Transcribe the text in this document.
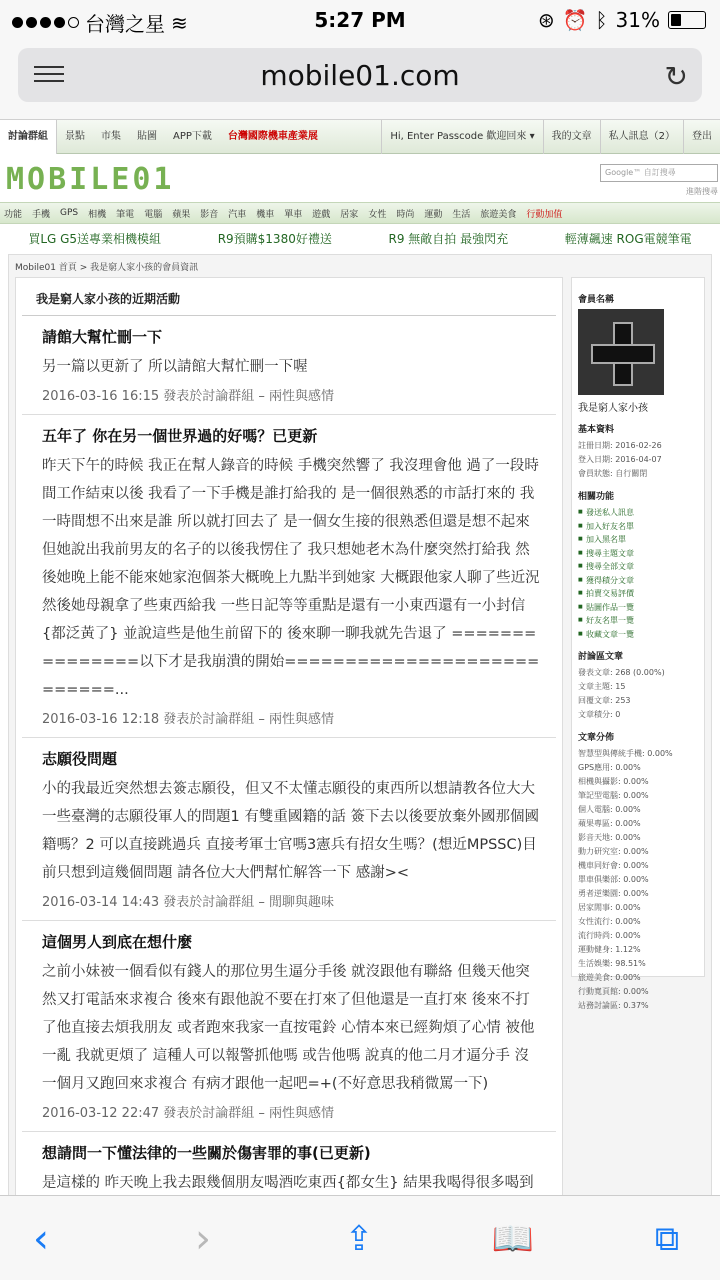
台灣之星 ≋	5:27 PM	⊛ ⏰ ᛒ 31%
mobile01.com	↻
討論群組	景點	市集	貼圖	APP下載	台灣國際機車產業展	Hi, Enter Passcode 歡迎回來 ▾	我的文章	私人訊息（2）	登出
MOBILE01	Google™ 自訂搜尋
進階搜尋
功能 手機 GPS 相機 筆電 電腦 蘋果 影音 汽車 機車 單車 遊戲 居家 女性 時尚 運動 生活 旅遊美食 行動加值
買LG G5送專業相機模組	R9預購$1380好禮送	R9 無敵自拍 最強閃充	輕薄飆速 ROG電競筆電
Mobile01 首頁 > 我是窮人家小孩的會員資訊
我是窮人家小孩的近期活動
請館大幫忙刪一下
另一篇以更新了 所以請館大幫忙刪一下喔
2016-03-16 16:15 發表於討論群組 – 兩性與感情
五年了 你在另一個世界過的好嗎？已更新
昨天下午的時候 我正在幫人錄音的時候 手機突然響了 我沒理會他 過了一段時間工作結束以後 我看了一下手機是誰打給我的 是一個很熟悉的市話打來的 我一時間想不出來是誰 所以就打回去了 是一個女生接的很熟悉但還是想不起來 但她說出我前男友的名子的以後我愣住了 我只想她老木為什麼突然打給我 然後她晚上能不能來她家泡個茶大概晚上九點半到她家 大概跟他家人聊了些近況 然後她母親拿了些東西給我 一些日記等等重點是還有一小東西還有一小封信{都泛黃了} 並說這些是他生前留下的 後來聊一聊我就先告退了 ===============以下才是我崩潰的開始===========================...
2016-03-16 12:18 發表於討論群組 – 兩性與感情
志願役問題
小的我最近突然想去簽志願役，但又不太懂志願役的東西所以想請教各位大大一些臺灣的志願役軍人的問題1 有雙重國籍的話 簽下去以後要放棄外國那個國籍嗎？2 可以直接跳過兵 直接考軍士官嗎3憲兵有招女生嗎？(想近MPSSC)目前只想到這幾個問題 請各位大大們幫忙解答一下 感謝><
2016-03-14 14:43 發表於討論群組 – 閒聊與趣味
這個男人到底在想什麼
之前小妹被一個看似有錢人的那位男生逼分手後 就沒跟他有聯絡 但幾天他突然又打電話來求複合 後來有跟他說不要在打來了但他還是一直打來 後來不打了他直接去煩我朋友 或者跑來我家一直按電鈴 心情本來已經夠煩了心情 被他一亂 我就更煩了 這種人可以報警抓他嗎 或告他嗎 說真的他二月才逼分手 沒一個月又跑回來求複合 有病才跟他一起吧=+(不好意思我稍微罵一下)
2016-03-12 22:47 發表於討論群組 – 兩性與感情
想請問一下懂法律的一些關於傷害罪的事(已更新)
是這樣的 昨天晚上我去跟幾個朋友喝酒吃東西{都女生} 結果我喝得很多喝到
會員名稱
我是窮人家小孩
基本資料
註冊日期: 2016-02-26
登入日期: 2016-04-07
會員狀態: 自行關閉
相關功能
■ 發送私人訊息
■ 加入好友名單
■ 加入黑名單
■ 搜尋主題文章
■ 搜尋全部文章
■ 獲得積分文章
■ 拍賣交易評價
■ 貼圖作品一覽
■ 好友名單一覽
■ 收藏文章一覽
討論區文章
發表文章: 268 (0.00%)
文章主題: 15
回覆文章: 253
文章積分: 0
文章分佈
智慧型與傳統手機: 0.00%
GPS應用: 0.00%
相機與攝影: 0.00%
筆記型電腦: 0.00%
個人電腦: 0.00%
蘋果專區: 0.00%
影音天地: 0.00%
動力研究室: 0.00%
機車同好會: 0.00%
單車俱樂部: 0.00%
勇者逆樂園: 0.00%
居家閒事: 0.00%
女性流行: 0.00%
流行時尚: 0.00%
運動健身: 1.12%
生活娛樂: 98.51%
旅遊美食: 0.00%
行動寬頁館: 0.00%
站務討論區: 0.37%
‹	›	⇪	📖	⧉
